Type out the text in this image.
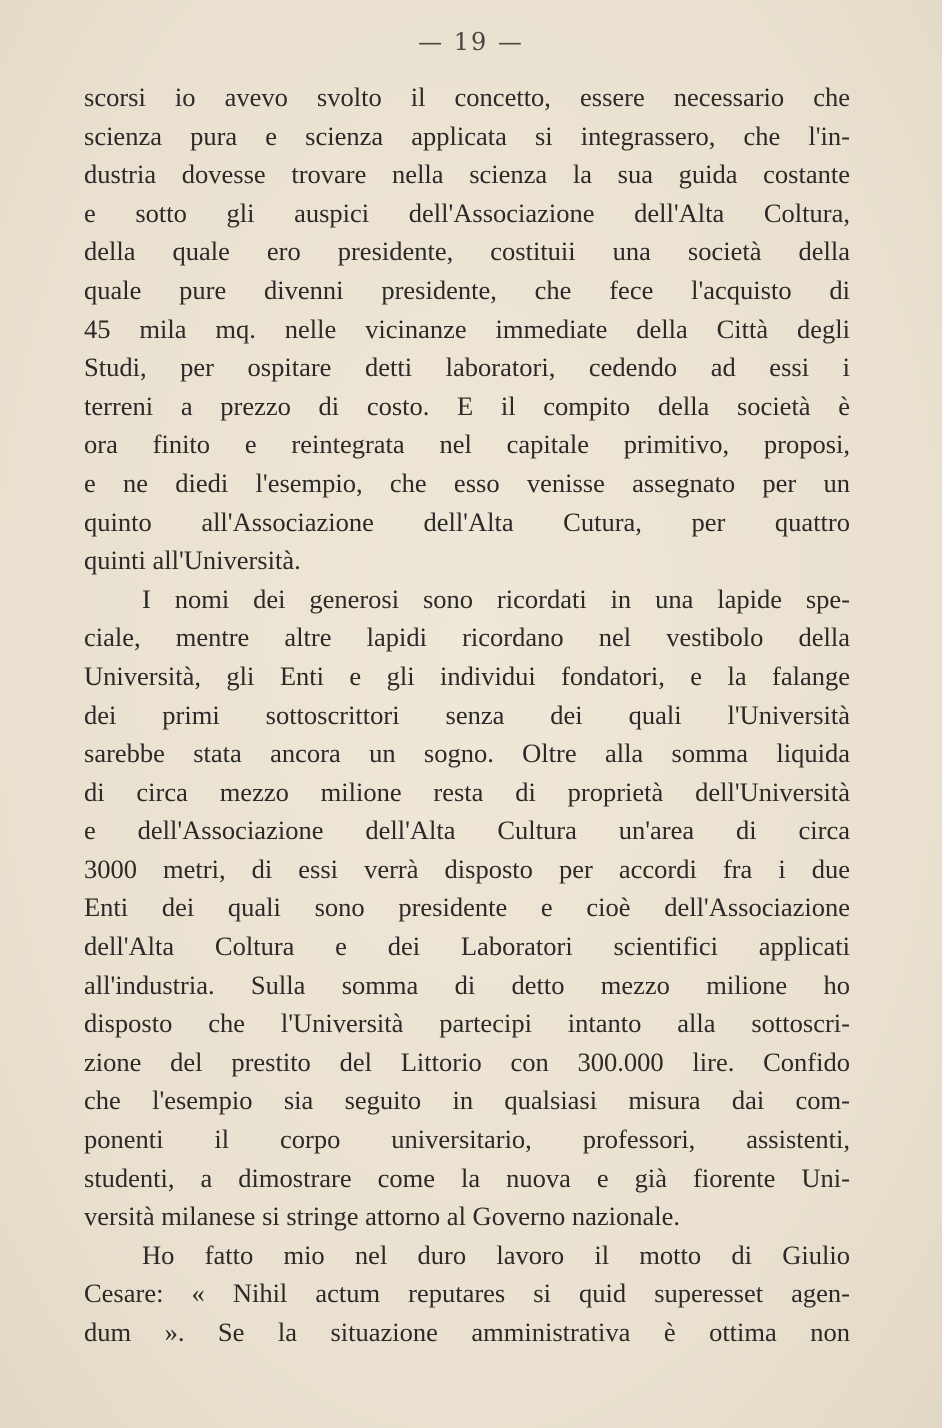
— 19 —
scorsi io avevo svolto il concetto, essere necessario che
scienza pura e scienza applicata si integrassero, che l'in-
dustria dovesse trovare nella scienza la sua guida costante
e sotto gli auspici dell'Associazione dell'Alta Coltura,
della quale ero presidente, costituii una società della
quale pure divenni presidente, che fece l'acquisto di
45 mila mq. nelle vicinanze immediate della Città degli
Studi, per ospitare detti laboratori, cedendo ad essi i
terreni a prezzo di costo. E il compito della società è
ora finito e reintegrata nel capitale primitivo, proposi,
e ne diedi l'esempio, che esso venisse assegnato per un
quinto all'Associazione dell'Alta Cutura, per quattro
quinti all'Università.
I nomi dei generosi sono ricordati in una lapide spe-
ciale, mentre altre lapidi ricordano nel vestibolo della
Università, gli Enti e gli individui fondatori, e la falange
dei primi sottoscrittori senza dei quali l'Università
sarebbe stata ancora un sogno. Oltre alla somma liquida
di circa mezzo milione resta di proprietà dell'Università
e dell'Associazione dell'Alta Cultura un'area di circa
3000 metri, di essi verrà disposto per accordi fra i due
Enti dei quali sono presidente e cioè dell'Associazione
dell'Alta Coltura e dei Laboratori scientifici applicati
all'industria. Sulla somma di detto mezzo milione ho
disposto che l'Università partecipi intanto alla sottoscri-
zione del prestito del Littorio con 300.000 lire. Confido
che l'esempio sia seguito in qualsiasi misura dai com-
ponenti il corpo universitario, professori, assistenti,
studenti, a dimostrare come la nuova e già fiorente Uni-
versità milanese si stringe attorno al Governo nazionale.
Ho fatto mio nel duro lavoro il motto di Giulio
Cesare: « Nihil actum reputares si quid superesset agen-
dum ». Se la situazione amministrativa è ottima non
